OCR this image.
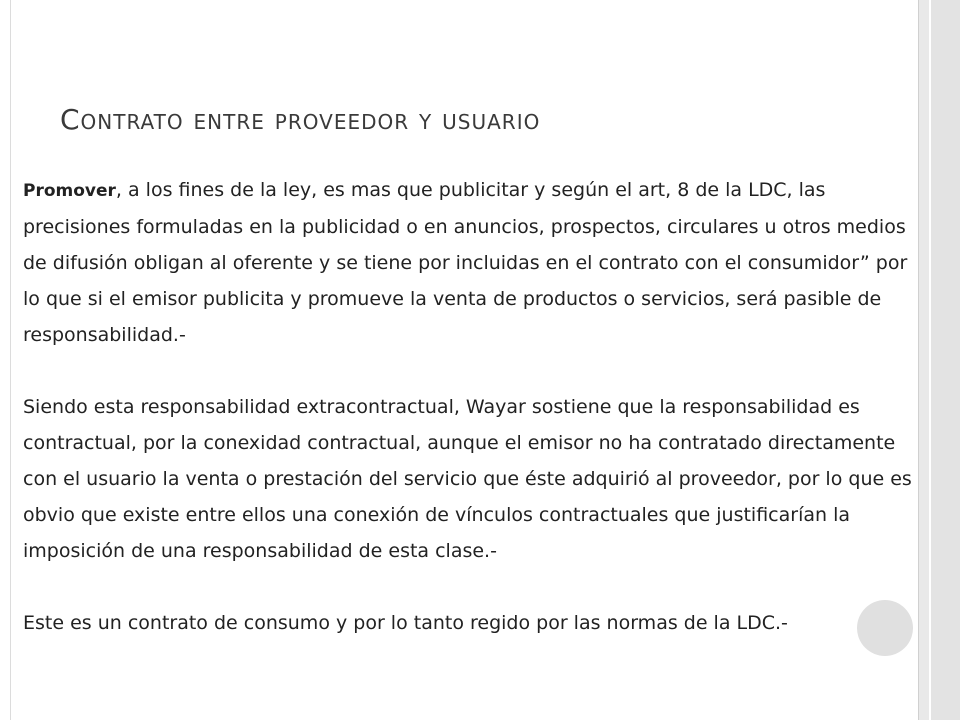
Contrato entre proveedor y usuario

Promover, a los fines de la ley, es mas que publicitar y según el art, 8 de la LDC, las precisiones formuladas en la publicidad o en anuncios, prospectos, circulares u otros medios de difusión obligan al oferente y se tiene por incluidas en el contrato con el consumidor” por lo que si el emisor publicita y promueve la venta de productos o servicios, será pasible de responsabilidad.-

Siendo esta responsabilidad extracontractual, Wayar sostiene que la responsabilidad es contractual, por la conexidad contractual, aunque el emisor no ha contratado directamente con el usuario la venta o prestación del servicio que éste adquirió al proveedor, por lo que es obvio que existe entre ellos una conexión de vínculos contractuales que justificarían la imposición de una responsabilidad de esta clase.-

Este es un contrato de consumo y por lo tanto regido por las normas de la LDC.-
